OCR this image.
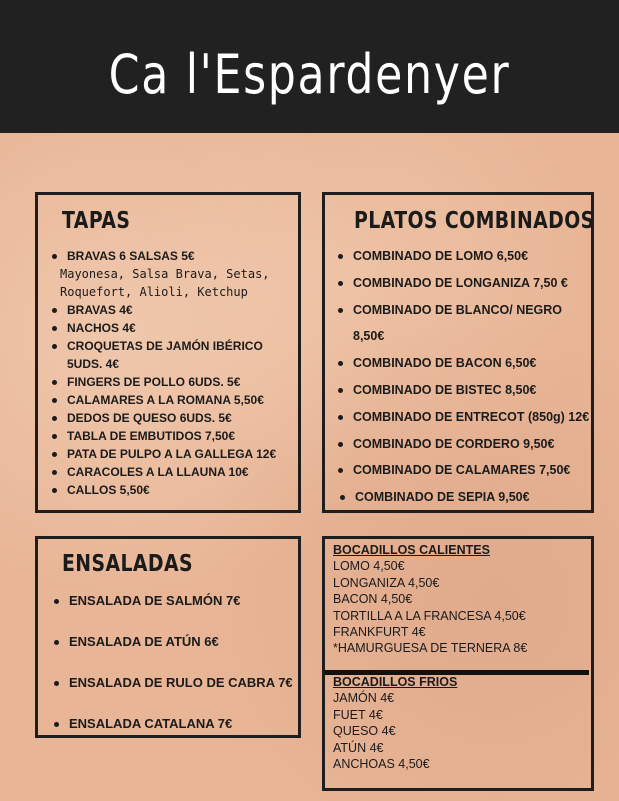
Ca l'Espardenyer
TAPAS
BRAVAS 6 SALSAS 5€
Mayonesa, Salsa Brava, Setas,
Roquefort, Alioli, Ketchup
BRAVAS 4€
NACHOS 4€
CROQUETAS DE JAMÓN IBÉRICO
5UDS. 4€
FINGERS DE POLLO 6UDS. 5€
CALAMARES A LA ROMANA 5,50€
DEDOS DE QUESO 6UDS. 5€
TABLA DE EMBUTIDOS 7,50€
PATA DE PULPO A LA GALLEGA 12€
CARACOLES A LA LLAUNA 10€
CALLOS 5,50€
PLATOS COMBINADOS
COMBINADO DE LOMO 6,50€
COMBINADO DE LONGANIZA 7,50 €
COMBINADO DE BLANCO/ NEGRO
8,50€
COMBINADO DE BACON 6,50€
COMBINADO DE BISTEC 8,50€
COMBINADO DE ENTRECOT (850g) 12€
COMBINADO DE CORDERO 9,50€
COMBINADO DE CALAMARES 7,50€
COMBINADO DE SEPIA 9,50€
ENSALADAS
ENSALADA DE SALMÓN 7€
ENSALADA DE ATÚN 6€
ENSALADA DE RULO DE CABRA 7€
ENSALADA CATALANA 7€
BOCADILLOS CALIENTES
LOMO 4,50€
LONGANIZA 4,50€
BACON 4,50€
TORTILLA A LA FRANCESA 4,50€
FRANKFURT 4€
*HAMURGUESA DE TERNERA 8€
BOCADILLOS FRIOS
JAMÓN 4€
FUET 4€
QUESO 4€
ATÚN 4€
ANCHOAS 4,50€
